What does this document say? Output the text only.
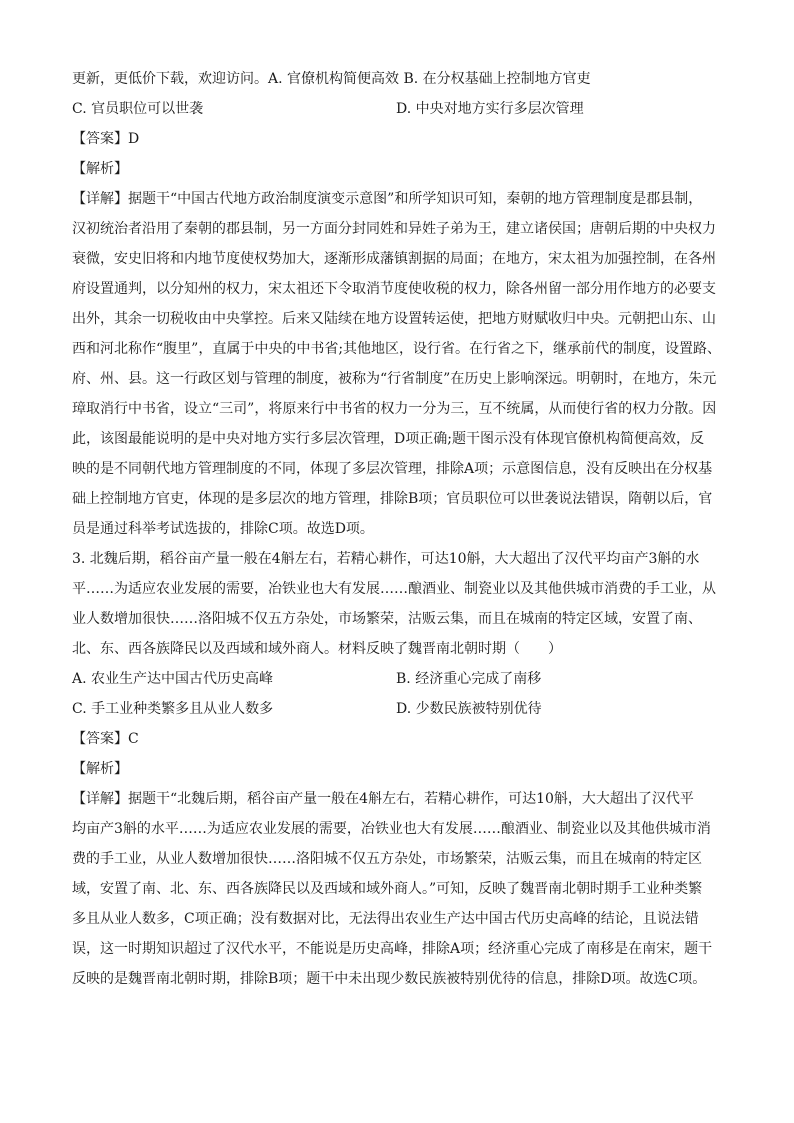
更新，更低价下载，欢迎访问。A. 官僚机构简便高效 B. 在分权基础上控制地方官吏
C. 官员职位可以世袭	D. 中央对地方实行多层次管理
【答案】D
【解析】
【详解】据题干“中国古代地方政治制度演变示意图”和所学知识可知，秦朝的地方管理制度是郡县制，
汉初统治者沿用了秦朝的郡县制，另一方面分封同姓和异姓子弟为王，建立诸侯国；唐朝后期的中央权力
衰微，安史旧将和内地节度使权势加大，逐渐形成藩镇割据的局面；在地方，宋太祖为加强控制，在各州
府设置通判，以分知州的权力，宋太祖还下令取消节度使收税的权力，除各州留一部分用作地方的必要支
出外，其余一切税收由中央掌控。后来又陆续在地方设置转运使，把地方财赋收归中央。元朝把山东、山
西和河北称作“腹里”，直属于中央的中书省;其他地区，设行省。在行省之下，继承前代的制度，设置路、
府、州、县。这一行政区划与管理的制度，被称为“行省制度”在历史上影响深远。明朝时，在地方，朱元
璋取消行中书省，设立“三司”，将原来行中书省的权力一分为三，互不统属，从而使行省的权力分散。因
此，该图最能说明的是中央对地方实行多层次管理，D项正确;题干图示没有体现官僚机构简便高效，反
映的是不同朝代地方管理制度的不同，体现了多层次管理，排除A项；示意图信息，没有反映出在分权基
础上控制地方官吏，体现的是多层次的地方管理，排除B项；官员职位可以世袭说法错误，隋朝以后，官
员是通过科举考试选拔的，排除C项。故选D项。
3. 北魏后期，稻谷亩产量一般在4斛左右，若精心耕作，可达10斛，大大超出了汉代平均亩产3斛的水
平……为适应农业发展的需要，冶铁业也大有发展……酿酒业、制瓷业以及其他供城市消费的手工业，从
业人数增加很快……洛阳城不仅五方杂处，市场繁荣，沽贩云集，而且在城南的特定区域，安置了南、
北、东、西各族降民以及西域和域外商人。材料反映了魏晋南北朝时期（　　）
A. 农业生产达中国古代历史高峰	B. 经济重心完成了南移
C. 手工业种类繁多且从业人数多	D. 少数民族被特别优待
【答案】C
【解析】
【详解】据题干“北魏后期，稻谷亩产量一般在4斛左右，若精心耕作，可达10斛，大大超出了汉代平
均亩产3斛的水平……为适应农业发展的需要，冶铁业也大有发展……酿酒业、制瓷业以及其他供城市消
费的手工业，从业人数增加很快……洛阳城不仅五方杂处，市场繁荣，沽贩云集，而且在城南的特定区
域，安置了南、北、东、西各族降民以及西域和域外商人。”可知，反映了魏晋南北朝时期手工业种类繁
多且从业人数多，C项正确；没有数据对比，无法得出农业生产达中国古代历史高峰的结论，且说法错
误，这一时期知识超过了汉代水平，不能说是历史高峰，排除A项；经济重心完成了南移是在南宋，题干
反映的是魏晋南北朝时期，排除B项；题干中未出现少数民族被特别优待的信息，排除D项。故选C项。
